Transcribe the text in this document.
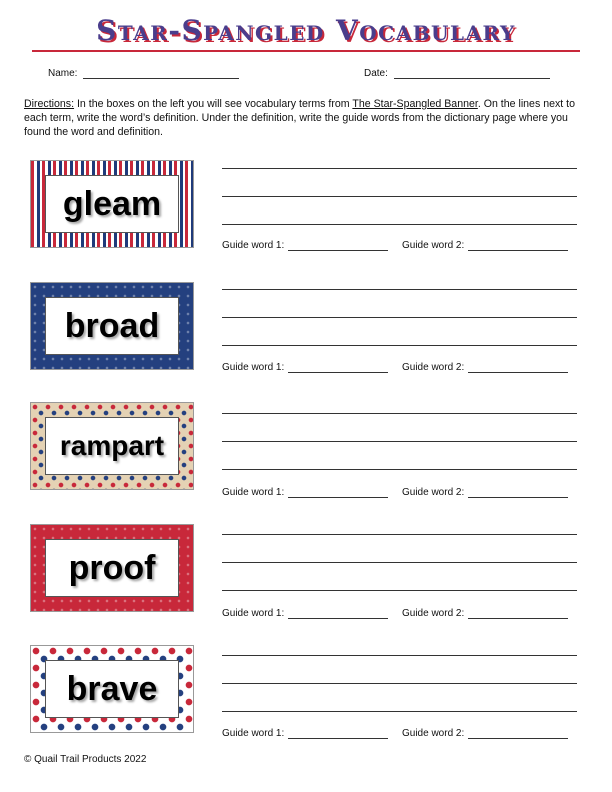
Star-Spangled Vocabulary
Name:	Date:
Directions: In the boxes on the left you will see vocabulary terms from The Star-Spangled Banner. On the lines next to each term, write the word’s definition. Under the definition, write the guide words from the dictionary page where you found the word and definition.
gleam
Guide word 1:	Guide word 2:
broad
Guide word 1:	Guide word 2:
rampart
Guide word 1:	Guide word 2:
proof
Guide word 1:	Guide word 2:
brave
Guide word 1:	Guide word 2:
© Quail Trail Products 2022
